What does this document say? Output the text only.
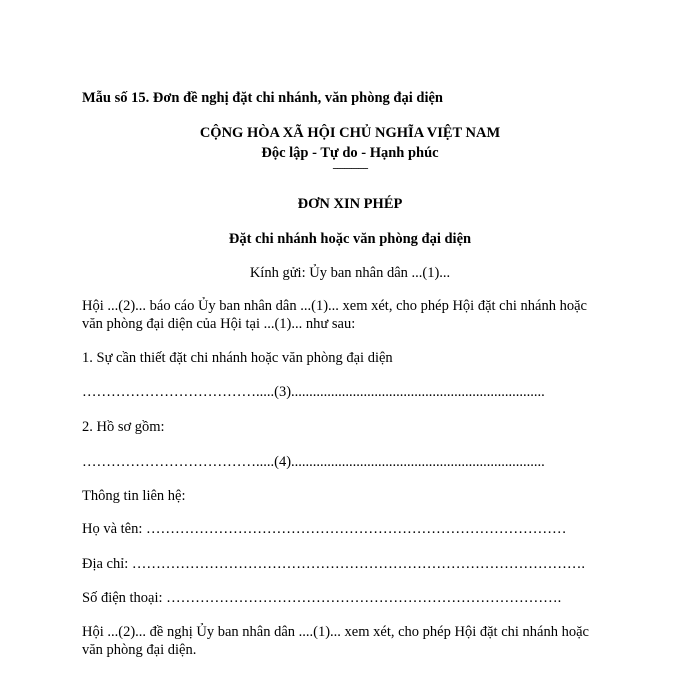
Mẫu số 15. Đơn đề nghị đặt chi nhánh, văn phòng đại diện
CỘNG HÒA XÃ HỘI CHỦ NGHĨA VIỆT NAM
Độc lập - Tự do - Hạnh phúc
---------------
ĐƠN XIN PHÉP
Đặt chi nhánh hoặc văn phòng đại diện
Kính gửi: Ủy ban nhân dân ...(1)...
Hội ...(2)... báo cáo Ủy ban nhân dân ...(1)... xem xét, cho phép Hội đặt chi nhánh hoặc
văn phòng đại diện của Hội tại ...(1)... như sau:
1. Sự cần thiết đặt chi nhánh hoặc văn phòng đại diện
……………………………….....(3)......................................................................
2. Hồ sơ gồm:
……………………………….....(4)......................................................................
Thông tin liên hệ:
Họ và tên: ……………………………………………………………………………
Địa chỉ: ………………………………………………………………………………….
Số điện thoại: ……………………………………………………………………….
Hội ...(2)... đề nghị Ủy ban nhân dân ....(1)... xem xét, cho phép Hội đặt chi nhánh hoặc
văn phòng đại diện.
